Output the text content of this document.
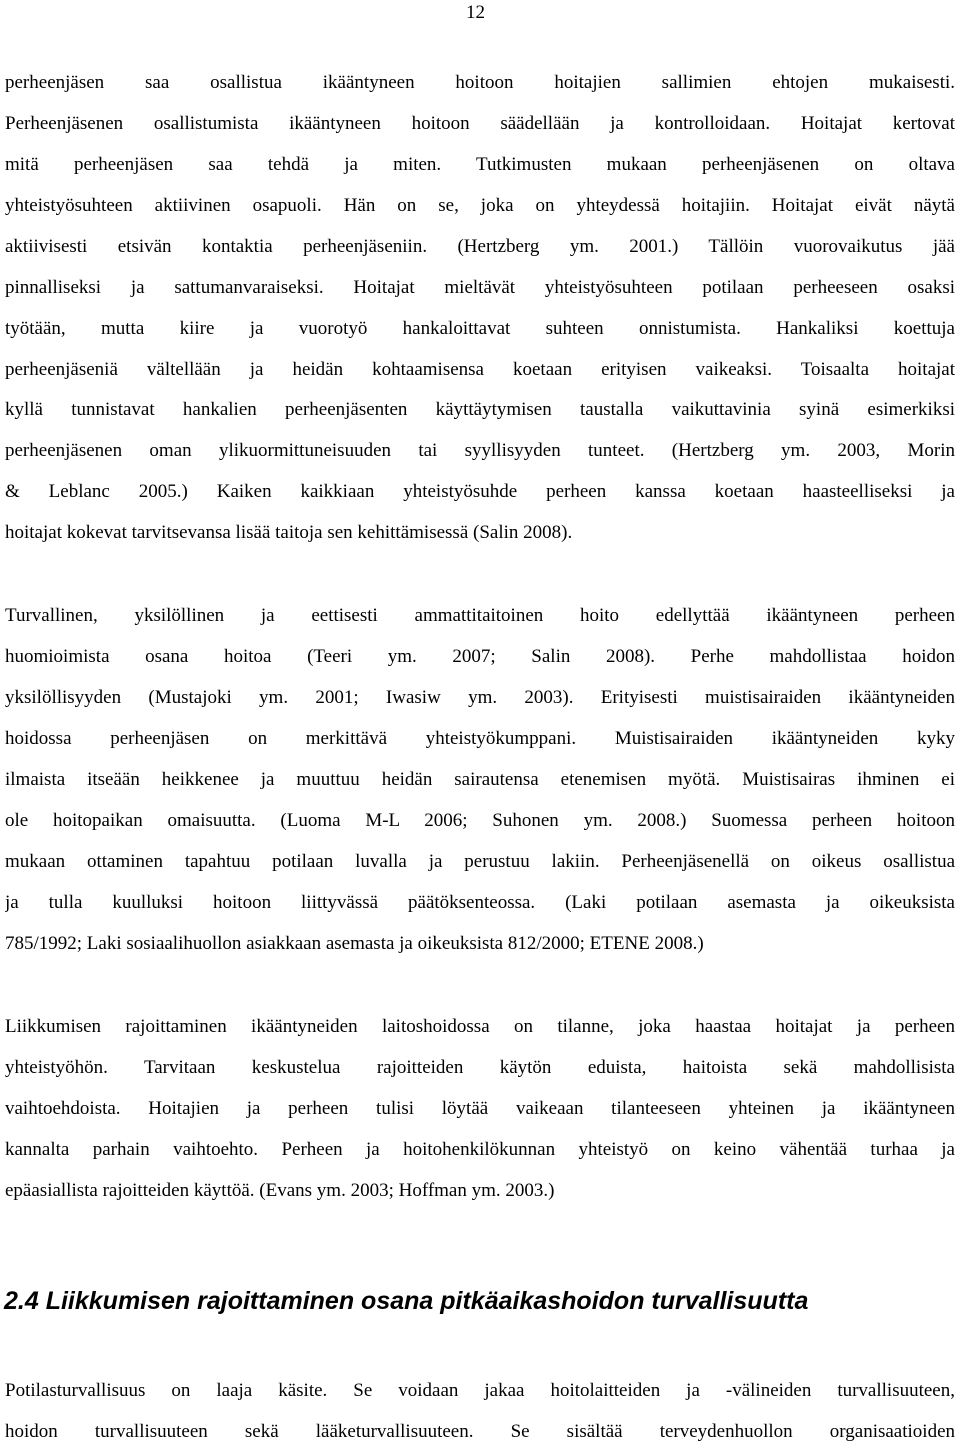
12
perheenjäsen saa osallistua ikääntyneen hoitoon hoitajien sallimien ehtojen mukaisesti.
Perheenjäsenen osallistumista ikääntyneen hoitoon säädellään ja kontrolloidaan. Hoitajat kertovat
mitä perheenjäsen saa tehdä ja miten. Tutkimusten mukaan perheenjäsenen on oltava
yhteistyösuhteen aktiivinen osapuoli. Hän on se, joka on yhteydessä hoitajiin. Hoitajat eivät näytä
aktiivisesti etsivän kontaktia perheenjäseniin. (Hertzberg ym. 2001.) Tällöin vuorovaikutus jää
pinnalliseksi ja sattumanvaraiseksi. Hoitajat mieltävät yhteistyösuhteen potilaan perheeseen osaksi
työtään, mutta kiire ja vuorotyö hankaloittavat suhteen onnistumista. Hankaliksi koettuja
perheenjäseniä vältellään ja heidän kohtaamisensa koetaan erityisen vaikeaksi. Toisaalta hoitajat
kyllä tunnistavat hankalien perheenjäsenten käyttäytymisen taustalla vaikuttavinia syinä esimerkiksi
perheenjäsenen oman ylikuormittuneisuuden tai syyllisyyden tunteet. (Hertzberg ym. 2003, Morin
& Leblanc 2005.) Kaiken kaikkiaan yhteistyösuhde perheen kanssa koetaan haasteelliseksi ja
hoitajat kokevat tarvitsevansa lisää taitoja sen kehittämisessä (Salin 2008).
Turvallinen, yksilöllinen ja eettisesti ammattitaitoinen hoito edellyttää ikääntyneen perheen
huomioimista osana hoitoa (Teeri ym. 2007; Salin 2008). Perhe mahdollistaa hoidon
yksilöllisyyden (Mustajoki ym. 2001; Iwasiw ym. 2003). Erityisesti muistisairaiden ikääntyneiden
hoidossa perheenjäsen on merkittävä yhteistyökumppani. Muistisairaiden ikääntyneiden kyky
ilmaista itseään heikkenee ja muuttuu heidän sairautensa etenemisen myötä. Muistisairas ihminen ei
ole hoitopaikan omaisuutta. (Luoma M-L 2006; Suhonen ym. 2008.) Suomessa perheen hoitoon
mukaan ottaminen tapahtuu potilaan luvalla ja perustuu lakiin. Perheenjäsenellä on oikeus osallistua
ja tulla kuulluksi hoitoon liittyvässä päätöksenteossa. (Laki potilaan asemasta ja oikeuksista
785/1992; Laki sosiaalihuollon asiakkaan asemasta ja oikeuksista 812/2000; ETENE 2008.)
Liikkumisen rajoittaminen ikääntyneiden laitoshoidossa on tilanne, joka haastaa hoitajat ja perheen
yhteistyöhön. Tarvitaan keskustelua rajoitteiden käytön eduista, haitoista sekä mahdollisista
vaihtoehdoista. Hoitajien ja perheen tulisi löytää vaikeaan tilanteeseen yhteinen ja ikääntyneen
kannalta parhain vaihtoehto. Perheen ja hoitohenkilökunnan yhteistyö on keino vähentää turhaa ja
epäasiallista rajoitteiden käyttöä. (Evans ym. 2003; Hoffman ym. 2003.)
2.4 Liikkumisen rajoittaminen osana pitkäaikashoidon turvallisuutta
Potilasturvallisuus on laaja käsite. Se voidaan jakaa hoitolaitteiden ja -välineiden turvallisuuteen,
hoidon turvallisuuteen sekä lääketurvallisuuteen. Se sisältää terveydenhuollon organisaatioiden
